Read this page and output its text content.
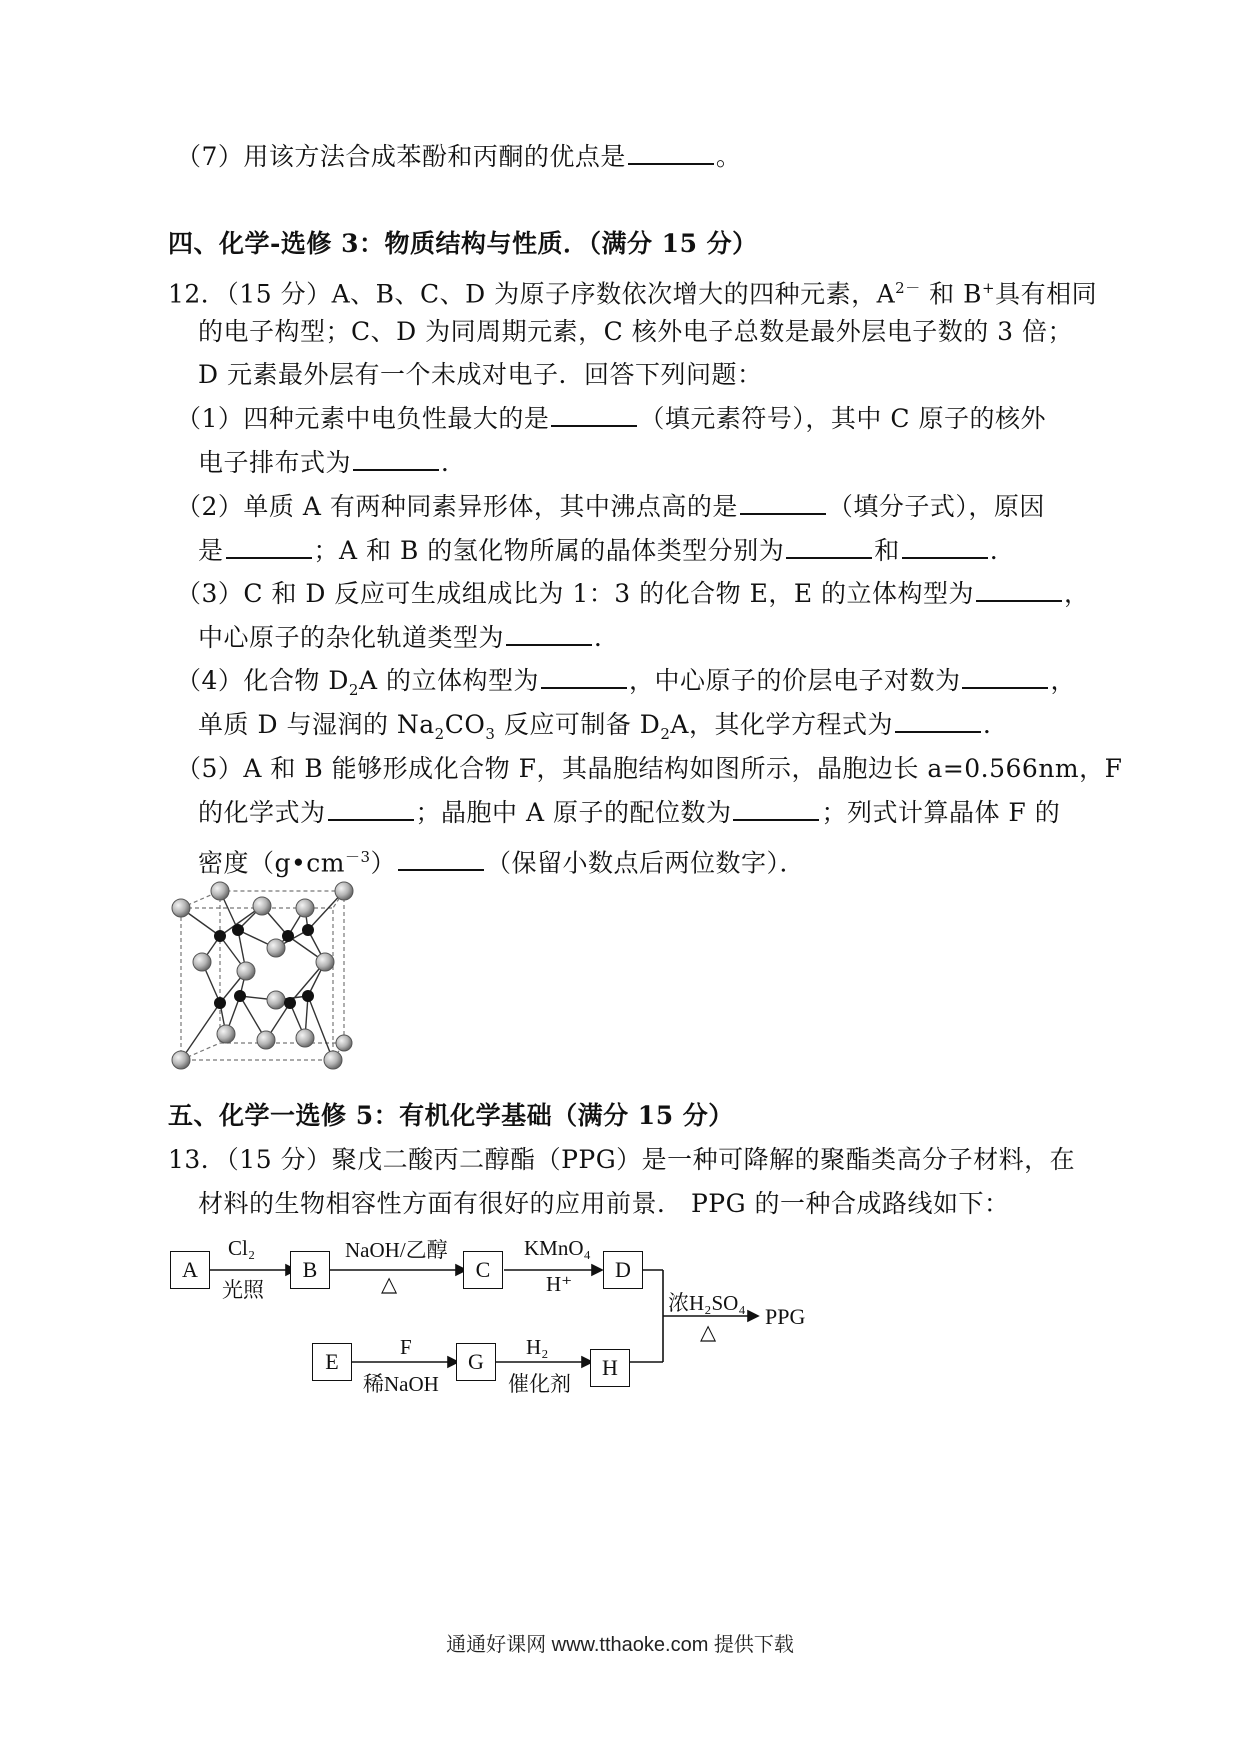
（7）用该方法合成苯酚和丙酮的优点是	。
四、化学-选修 3：物质结构与性质．（满分 15 分）
12．（15 分）A、B、C、D 为原子序数依次增大的四种元素，$A^{2-}$ 和 B+具有相同
的电子构型；C、D 为同周期元素，C 核外电子总数是最外层电子数的 3 倍；
D 元素最外层有一个未成对电子．回答下列问题：
（1）四种元素中电负性最大的是	（填元素符号），其中 C 原子的核外
电子排布式为	．
（2）单质 A 有两种同素异形体，其中沸点高的是	（填分子式），原因
是	；A 和 B 的氢化物所属的晶体类型分别为	和	．
（3）C 和 D 反应可生成组成比为 1：3 的化合物 E，E 的立体构型为	，
中心原子的杂化轨道类型为	．
（4）化合物 $D_2A$ 的立体构型为	，中心原子的价层电子对数为	，
单质 D 与湿润的 $Na_2CO_3$ 反应可制备 $D_2A$，其化学方程式为	．
（5）A 和 B 能够形成化合物 F，其晶胞结构如图所示，晶胞边长 a=0.566nm，F
的化学式为	；晶胞中 A 原子的配位数为	；列式计算晶体 F 的
密度$(g•cm^{-3})$	（保留小数点后两位数字）．
五、化学一选修 5：有机化学基础（满分 15 分）
13．（15 分）聚戊二酸丙二醇酯（PPG）是一种可降解的聚酯类高分子材料，在
材料的生物相容性方面有很好的应用前景． PPG 的一种合成路线如下：
A	B	C	D
E	G	H
Cl₂
光照
NaOH/乙醇
△
KMnO₄
H⁺
F
稀NaOH
H₂
催化剂
浓H₂SO₄
△
PPG
通通好课网 www.tthaoke.com 提供下载
